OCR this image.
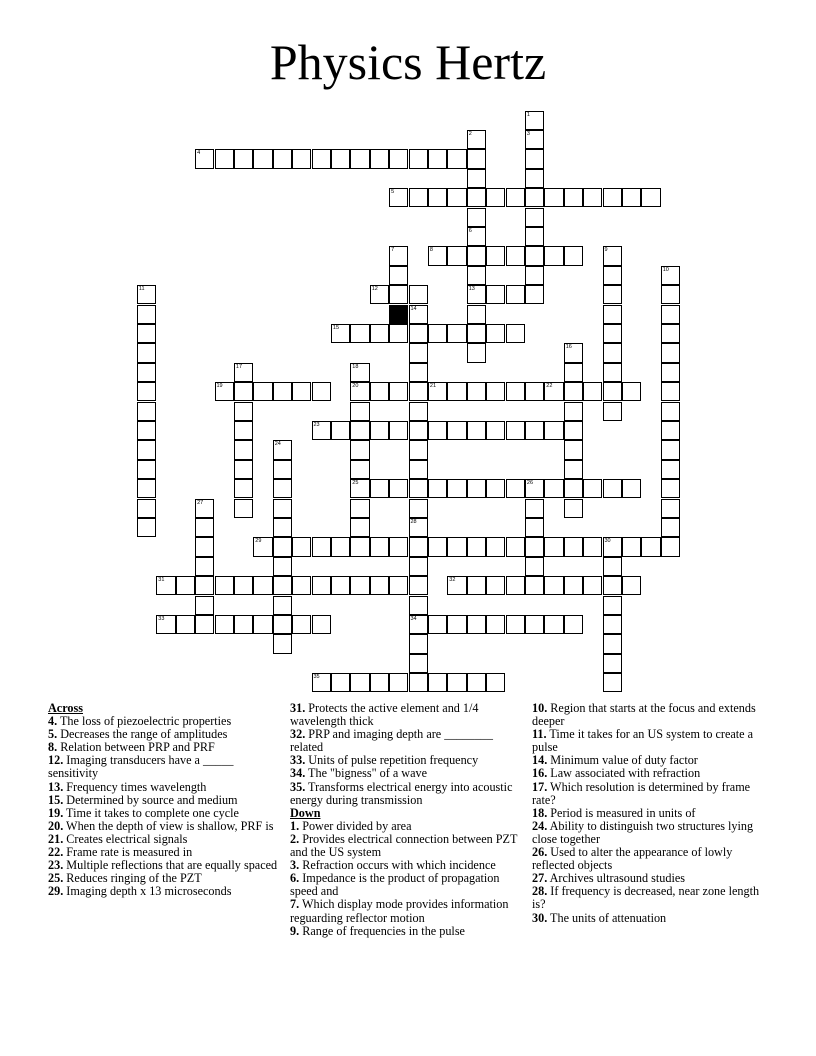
Physics Hertz
4
5
8
12	13
15
19	20	21	22
23
25	26
29	30
31	32
33	34
35
1
3
2
6
7	9
10
11
14
16
17	18
24
27
28
Across
4. The loss of piezoelectric properties
5. Decreases the range of amplitudes
8. Relation between PRP and PRF
12. Imaging transducers have a _____ sensitivity
13. Frequency times wavelength
15. Determined by source and medium
19. Time it takes to complete one cycle
20. When the depth of view is shallow, PRF is
21. Creates electrical signals
22. Frame rate is measured in
23. Multiple reflections that are equally spaced
25. Reduces ringing of the PZT
29. Imaging depth x 13 microseconds
31. Protects the active element and 1/4 wavelength thick
32. PRP and imaging depth are ________ related
33. Units of pulse repetition frequency
34. The "bigness" of a wave
35. Transforms electrical energy into acoustic energy during transmission
Down
1. Power divided by area
2. Provides electrical connection between PZT and the US system
3. Refraction occurs with which incidence
6. Impedance is the product of propagation speed and
7. Which display mode provides information reguarding reflector motion
9. Range of frequencies in the pulse
10. Region that starts at the focus and extends deeper
11. Time it takes for an US system to create a pulse
14. Minimum value of duty factor
16. Law associated with refraction
17. Which resolution is determined by frame rate?
18. Period is measured in units of
24. Ability to distinguish two structures lying close together
26. Used to alter the appearance of lowly reflected objects
27. Archives ultrasound studies
28. If frequency is decreased, near zone length is?
30. The units of attenuation
